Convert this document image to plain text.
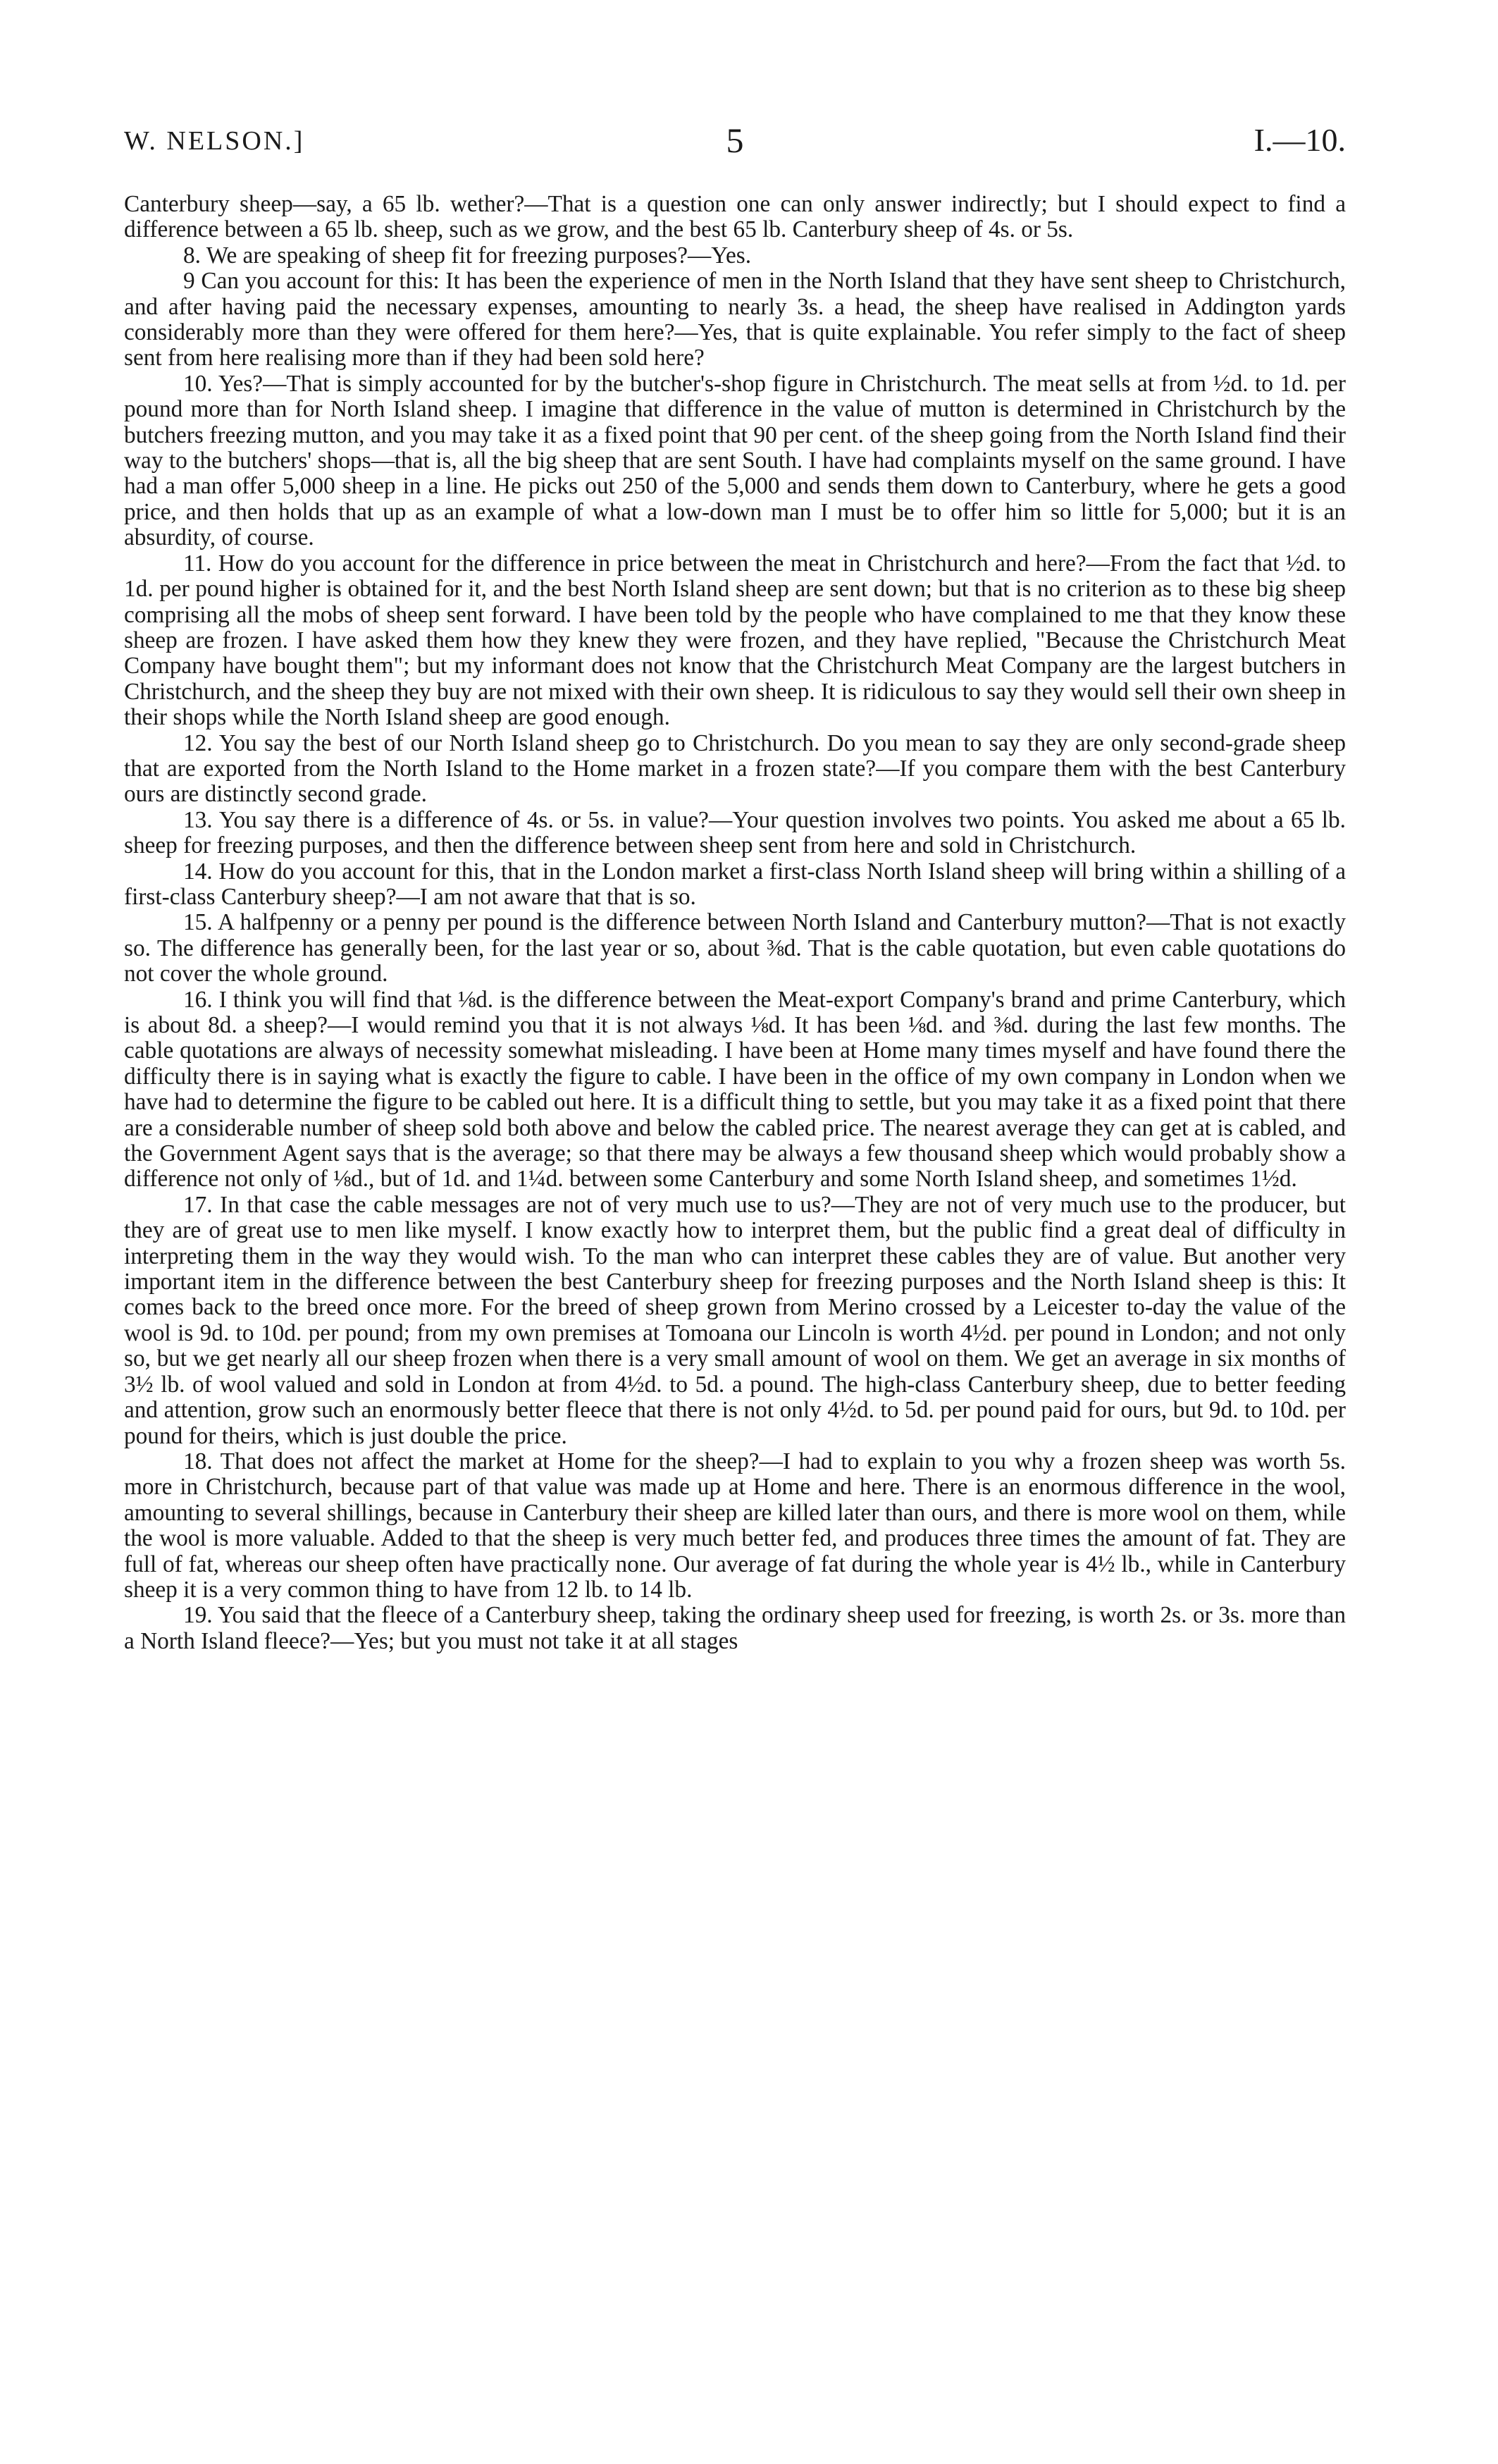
W. NELSON.]	5	I.—10.

Canterbury sheep—say, a 65 lb. wether?—That is a question one can only answer indirectly; but I should expect to find a difference between a 65 lb. sheep, such as we grow, and the best 65 lb. Canterbury sheep of 4s. or 5s.

8. We are speaking of sheep fit for freezing purposes?—Yes.

9 Can you account for this: It has been the experience of men in the North Island that they have sent sheep to Christchurch, and after having paid the necessary expenses, amounting to nearly 3s. a head, the sheep have realised in Addington yards considerably more than they were offered for them here?—Yes, that is quite explainable. You refer simply to the fact of sheep sent from here realising more than if they had been sold here?

10. Yes?—That is simply accounted for by the butcher's-shop figure in Christchurch. The meat sells at from ½d. to 1d. per pound more than for North Island sheep. I imagine that difference in the value of mutton is determined in Christchurch by the butchers freezing mutton, and you may take it as a fixed point that 90 per cent. of the sheep going from the North Island find their way to the butchers' shops—that is, all the big sheep that are sent South. I have had complaints myself on the same ground. I have had a man offer 5,000 sheep in a line. He picks out 250 of the 5,000 and sends them down to Canterbury, where he gets a good price, and then holds that up as an example of what a low-down man I must be to offer him so little for 5,000; but it is an absurdity, of course.

11. How do you account for the difference in price between the meat in Christchurch and here?—From the fact that ½d. to 1d. per pound higher is obtained for it, and the best North Island sheep are sent down; but that is no criterion as to these big sheep comprising all the mobs of sheep sent forward. I have been told by the people who have complained to me that they know these sheep are frozen. I have asked them how they knew they were frozen, and they have replied, "Because the Christchurch Meat Company have bought them"; but my informant does not know that the Christchurch Meat Company are the largest butchers in Christchurch, and the sheep they buy are not mixed with their own sheep. It is ridiculous to say they would sell their own sheep in their shops while the North Island sheep are good enough.

12. You say the best of our North Island sheep go to Christchurch. Do you mean to say they are only second-grade sheep that are exported from the North Island to the Home market in a frozen state?—If you compare them with the best Canterbury ours are distinctly second grade.

13. You say there is a difference of 4s. or 5s. in value?—Your question involves two points. You asked me about a 65 lb. sheep for freezing purposes, and then the difference between sheep sent from here and sold in Christchurch.

14. How do you account for this, that in the London market a first-class North Island sheep will bring within a shilling of a first-class Canterbury sheep?—I am not aware that that is so.

15. A halfpenny or a penny per pound is the difference between North Island and Canterbury mutton?—That is not exactly so. The difference has generally been, for the last year or so, about ⅜d. That is the cable quotation, but even cable quotations do not cover the whole ground.

16. I think you will find that ⅛d. is the difference between the Meat-export Company's brand and prime Canterbury, which is about 8d. a sheep?—I would remind you that it is not always ⅛d. It has been ⅛d. and ⅜d. during the last few months. The cable quotations are always of necessity somewhat misleading. I have been at Home many times myself and have found there the difficulty there is in saying what is exactly the figure to cable. I have been in the office of my own company in London when we have had to determine the figure to be cabled out here. It is a difficult thing to settle, but you may take it as a fixed point that there are a considerable number of sheep sold both above and below the cabled price. The nearest average they can get at is cabled, and the Government Agent says that is the average; so that there may be always a few thousand sheep which would probably show a difference not only of ⅛d., but of 1d. and 1¼d. between some Canterbury and some North Island sheep, and sometimes 1½d.

17. In that case the cable messages are not of very much use to us?—They are not of very much use to the producer, but they are of great use to men like myself. I know exactly how to interpret them, but the public find a great deal of difficulty in interpreting them in the way they would wish. To the man who can interpret these cables they are of value. But another very important item in the difference between the best Canterbury sheep for freezing purposes and the North Island sheep is this: It comes back to the breed once more. For the breed of sheep grown from Merino crossed by a Leicester to-day the value of the wool is 9d. to 10d. per pound; from my own premises at Tomoana our Lincoln is worth 4½d. per pound in London; and not only so, but we get nearly all our sheep frozen when there is a very small amount of wool on them. We get an average in six months of 3½ lb. of wool valued and sold in London at from 4½d. to 5d. a pound. The high-class Canterbury sheep, due to better feeding and attention, grow such an enormously better fleece that there is not only 4½d. to 5d. per pound paid for ours, but 9d. to 10d. per pound for theirs, which is just double the price.

18. That does not affect the market at Home for the sheep?—I had to explain to you why a frozen sheep was worth 5s. more in Christchurch, because part of that value was made up at Home and here. There is an enormous difference in the wool, amounting to several shillings, because in Canterbury their sheep are killed later than ours, and there is more wool on them, while the wool is more valuable. Added to that the sheep is very much better fed, and produces three times the amount of fat. They are full of fat, whereas our sheep often have practically none. Our average of fat during the whole year is 4½ lb., while in Canterbury sheep it is a very common thing to have from 12 lb. to 14 lb.

19. You said that the fleece of a Canterbury sheep, taking the ordinary sheep used for freezing, is worth 2s. or 3s. more than a North Island fleece?—Yes; but you must not take it at all stages
